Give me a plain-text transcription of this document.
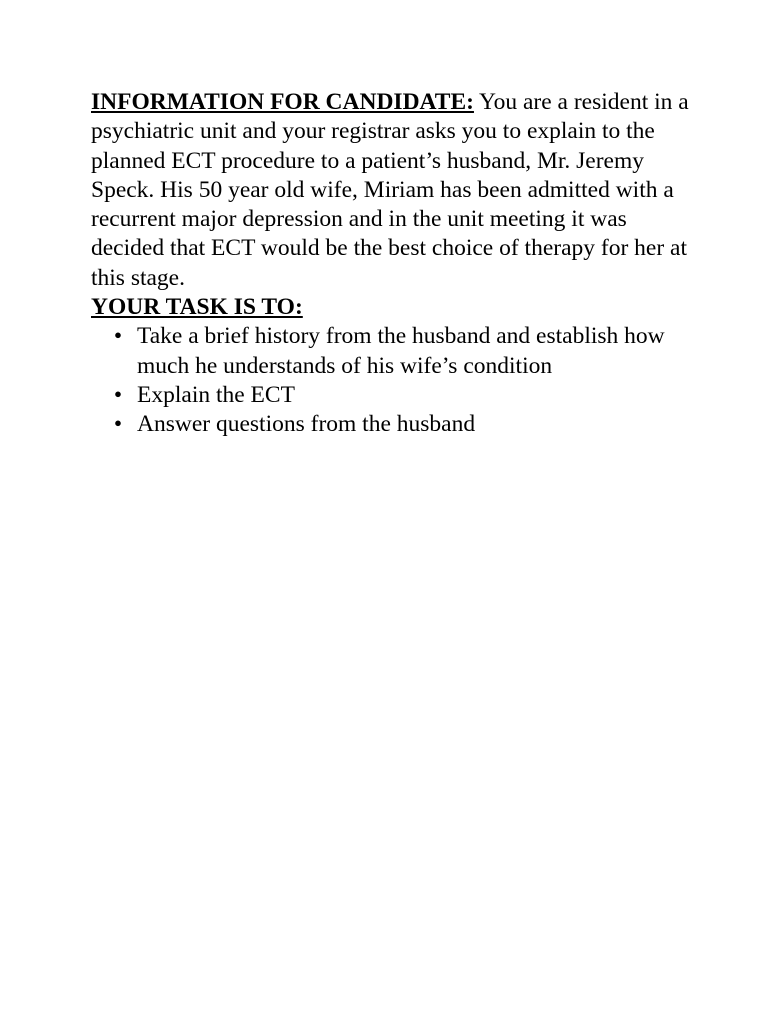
INFORMATION FOR CANDIDATE: You are a resident in a psychiatric unit and your registrar asks you to explain to the planned ECT procedure to a patient’s husband, Mr. Jeremy Speck. His 50 year old wife, Miriam has been admitted with a recurrent major depression and in the unit meeting it was decided that ECT would be the best choice of therapy for her at this stage.

YOUR TASK IS TO:

• Take a brief history from the husband and establish how much he understands of his wife’s condition
• Explain the ECT
• Answer questions from the husband
